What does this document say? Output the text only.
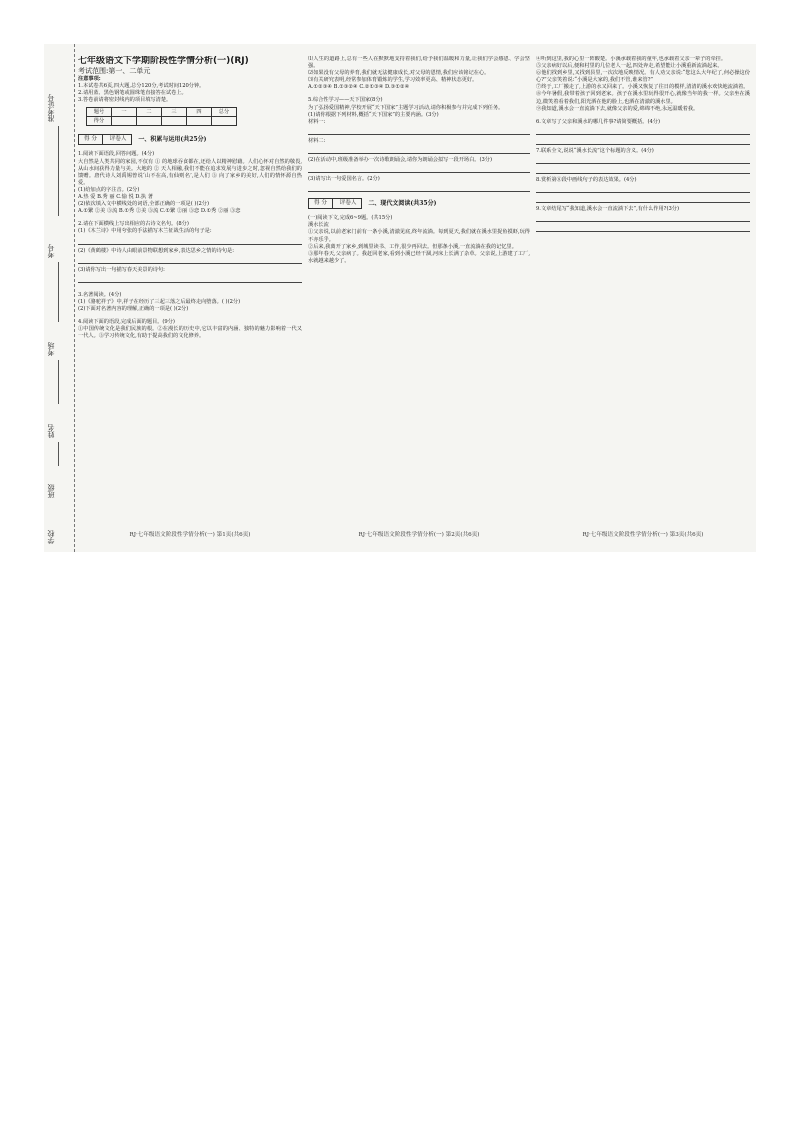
准考证号
考号
考场
姓名
班级
学校

七年级语文下学期阶段性学情分析(一)(RJ)

考试范围:第一、二单元

注意事项:

1.本试卷共6页,四大题,总分120分,考试时间120分钟。

2.请用蓝、黑色钢笔或圆珠笔直接答在试卷上。

3.答卷前请将密封线内的项目填写清楚。

题号	一	二	三	四	总分
得分					
得 分 评卷人	一、积累与运用(共25分)

1.阅读下面语段,回答问题。(4分)

大自然是人类共同的家园,不仅有 ① 的地球吞食都在,还给人以精神慰藉。人们心怀对自然的敬畏,从山水间获得力量与美。大地的 ② 天人相融,我们不能在追求发展与进步之时,忽视自然给我们的馈赠。唐代诗人刘禹锡曾说‘山不在高,有仙则名’,是人们 ③ 向了家乡的美好,人们的情怀源自热爱。

(1)给加点的字注音。(2分)

A.热 爱 B.秀 丽 C.愉 悦 D.执 著

(2)依次填入文中横线处的词语,全部正确的一项是( )(2分)

A.①繁 ②美 ③流 B.①秀 ②美 ③流 C.①繁 ②丽 ③恋 D.①秀 ②丽 ③恋

2.请在下面横线上写出相应的古诗文名句。(8分)

(1)《木兰诗》中用夸张的手法描写木兰征战生活的句子是:

(2)《黄鹤楼》中诗人由眼前景物联想到家乡,表达思乡之情的诗句是:

(3)请你写出一句描写春天美景的诗句:

3.名著阅读。(4分)

(1)《骆驼祥子》中,祥子在经历了三起三落之后最终走向堕落。( )(2分)

(2)下面对名著内容的理解,正确的一项是( )(2分)

4.阅读下面的语段,完成后面的题目。(9分)

①中国传统文化是我们民族的根。②在漫长的历史中,它以丰富的内涵、独特的魅力影响着一代又一代人。③学习传统文化,有助于提高我们的文化修养。

⑴人生的道路上,总有一些人在默默地支持着我们,给予我们温暖和力量,让我们学会感恩、学会坚强。

⑵如果没有父母的养育,我们就无法健康成长,对父母的恩情,我们应该铭记在心。

⑶有关研究表明,经常参加体育锻炼的学生,学习效率更高、精神状态更好。

A.①②③④ B.①③②④ C.②①③④ D.③①②④

5.综合性学习——天下国家(8分)

为了弘扬爱国精神,学校开展“天下国家”主题学习活动,请你积极参与并完成下列任务。

(1)请你根据下列材料,概括“天下国家”的主要内涵。(3分)

材料一:

材料二:

(2)在活动中,班级准备举办一次诗歌朗诵会,请你为朗诵会拟写一段开场白。(3分)

(3)请写出一句爱国名言。(2分)

得 分 评卷人	二、现代文阅读(共35分)

(一)阅读下文,完成6~9题。(共15分)

溪水长流

①父亲说,以前老家门前有一条小溪,清澈见底,终年流淌。每到夏天,我们就在溪水里捉鱼摸虾,玩得不亦乐乎。

②后来,我离开了家乡,到城里读书、工作,很少再回去。但那条小溪,一直流淌在我的记忆里。

③那年春天,父亲病了。我赶回老家,看到小溪已经干涸,河床上长满了杂草。父亲说,上游建了工厂,水就越来越少了。

④听到这里,我的心里一阵酸楚。小溪承载着我的童年,也承载着父亲一辈子的牵挂。

⑤父亲病好以后,便和村里的几位老人一起,四处奔走,希望能让小溪重新流淌起来。

⑥他们找到乡里,又找到县里,一次次地反映情况。有人劝父亲说:“您这么大年纪了,何必操这份心?”父亲笑着说:“小溪是大家的,我们不管,谁来管?”

⑦终于,工厂搬走了,上游的水又回来了。小溪又恢复了往日的模样,清清的溪水欢快地流淌着。

⑧今年暑假,我带着孩子回到老家。孩子在溪水里玩得很开心,就像当年的我一样。父亲坐在溪边,微笑着看着我们,阳光洒在他的脸上,也洒在清澈的溪水里。

⑨我知道,溪水会一直流淌下去,就像父亲的爱,绵绵不绝,永远温暖着我。

6.文章写了父亲和溪水的哪几件事?请简要概括。(4分)

7.联系全文,说说“溪水长流”这个标题的含义。(4分)

8.赏析第⑧段中画线句子的表达效果。(4分)

9.文章结尾写“我知道,溪水会一直流淌下去”,有什么作用?(3分)

RJ·七年级语文阶段性学情分析(一) 第1页(共6页)	RJ·七年级语文阶段性学情分析(一) 第2页(共6页)	RJ·七年级语文阶段性学情分析(一) 第3页(共6页)
